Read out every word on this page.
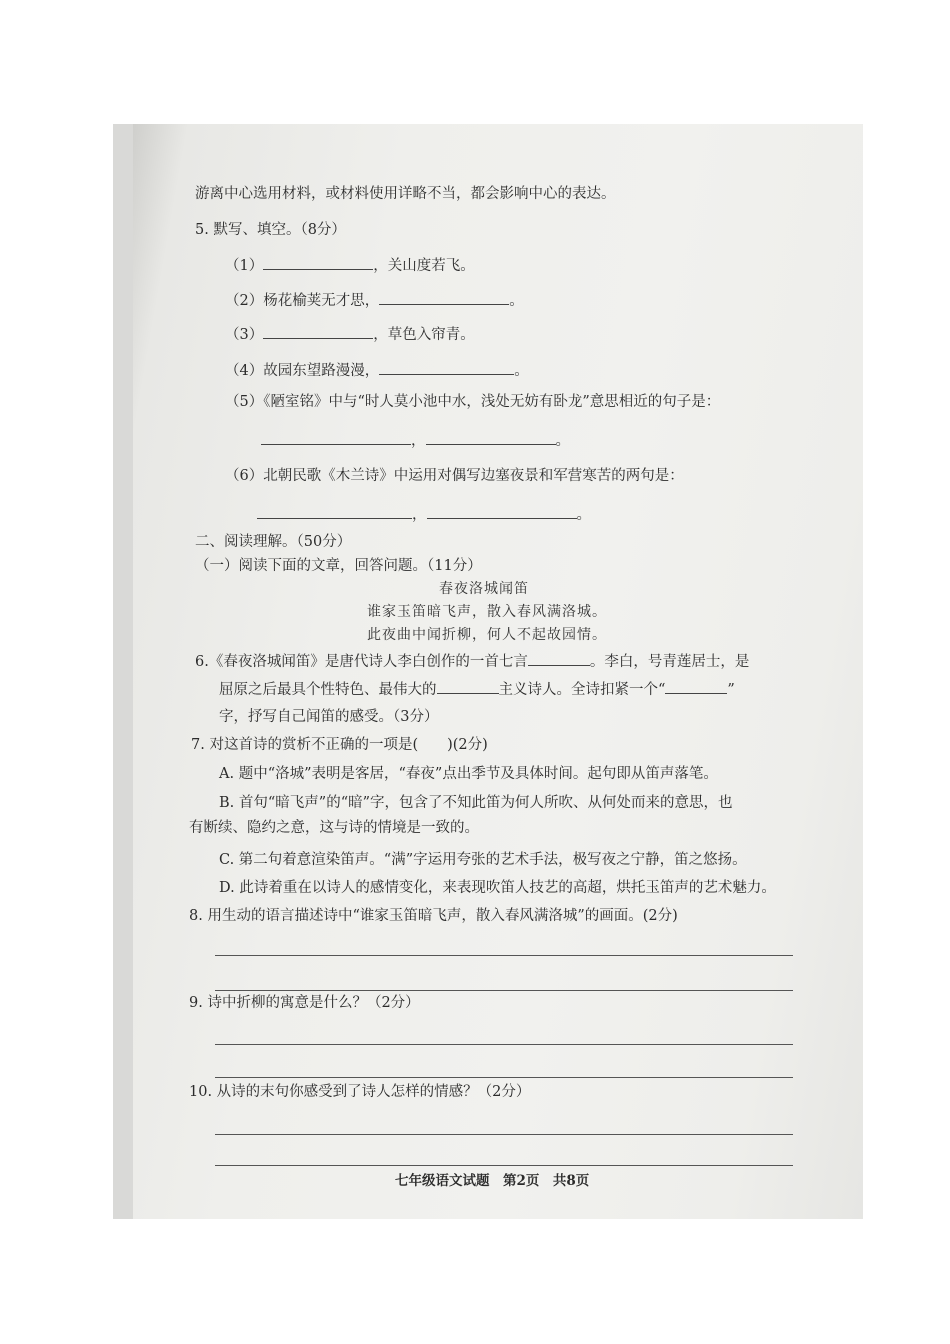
游离中心选用材料，或材料使用详略不当，都会影响中心的表达。
5. 默写、填空。（8分）
（1）	，关山度若飞。
（2）杨花榆荚无才思，	。
（3）	，草色入帘青。
（4）故园东望路漫漫，	。
（5）《陋室铭》中与“时人莫小池中水，浅处无妨有卧龙”意思相近的句子是：
，	。
（6）北朝民歌《木兰诗》中运用对偶写边塞夜景和军营寒苦的两句是：
，	。
二、阅读理解。（50分）
（一）阅读下面的文章，回答问题。（11分）
春夜洛城闻笛
谁家玉笛暗飞声，散入春风满洛城。
此夜曲中闻折柳，何人不起故园情。
6.《春夜洛城闻笛》是唐代诗人李白创作的一首七言	。李白，号青莲居士，是
屈原之后最具个性特色、最伟大的	主义诗人。全诗扣紧一个“	”
字，抒写自己闻笛的感受。（3分）
7. 对这首诗的赏析不正确的一项是(　　)(2分)
A. 题中“洛城”表明是客居，“春夜”点出季节及具体时间。起句即从笛声落笔。
B. 首句“暗飞声”的“暗”字，包含了不知此笛为何人所吹、从何处而来的意思，也
有断续、隐约之意，这与诗的情境是一致的。
C. 第二句着意渲染笛声。“满”字运用夸张的艺术手法，极写夜之宁静，笛之悠扬。
D. 此诗着重在以诗人的感情变化，来表现吹笛人技艺的高超，烘托玉笛声的艺术魅力。
8. 用生动的语言描述诗中“谁家玉笛暗飞声，散入春风满洛城”的画面。(2分)
9. 诗中折柳的寓意是什么？（2分）
10. 从诗的末句你感受到了诗人怎样的情感？（2分）
七年级语文试题　第2页　共8页
